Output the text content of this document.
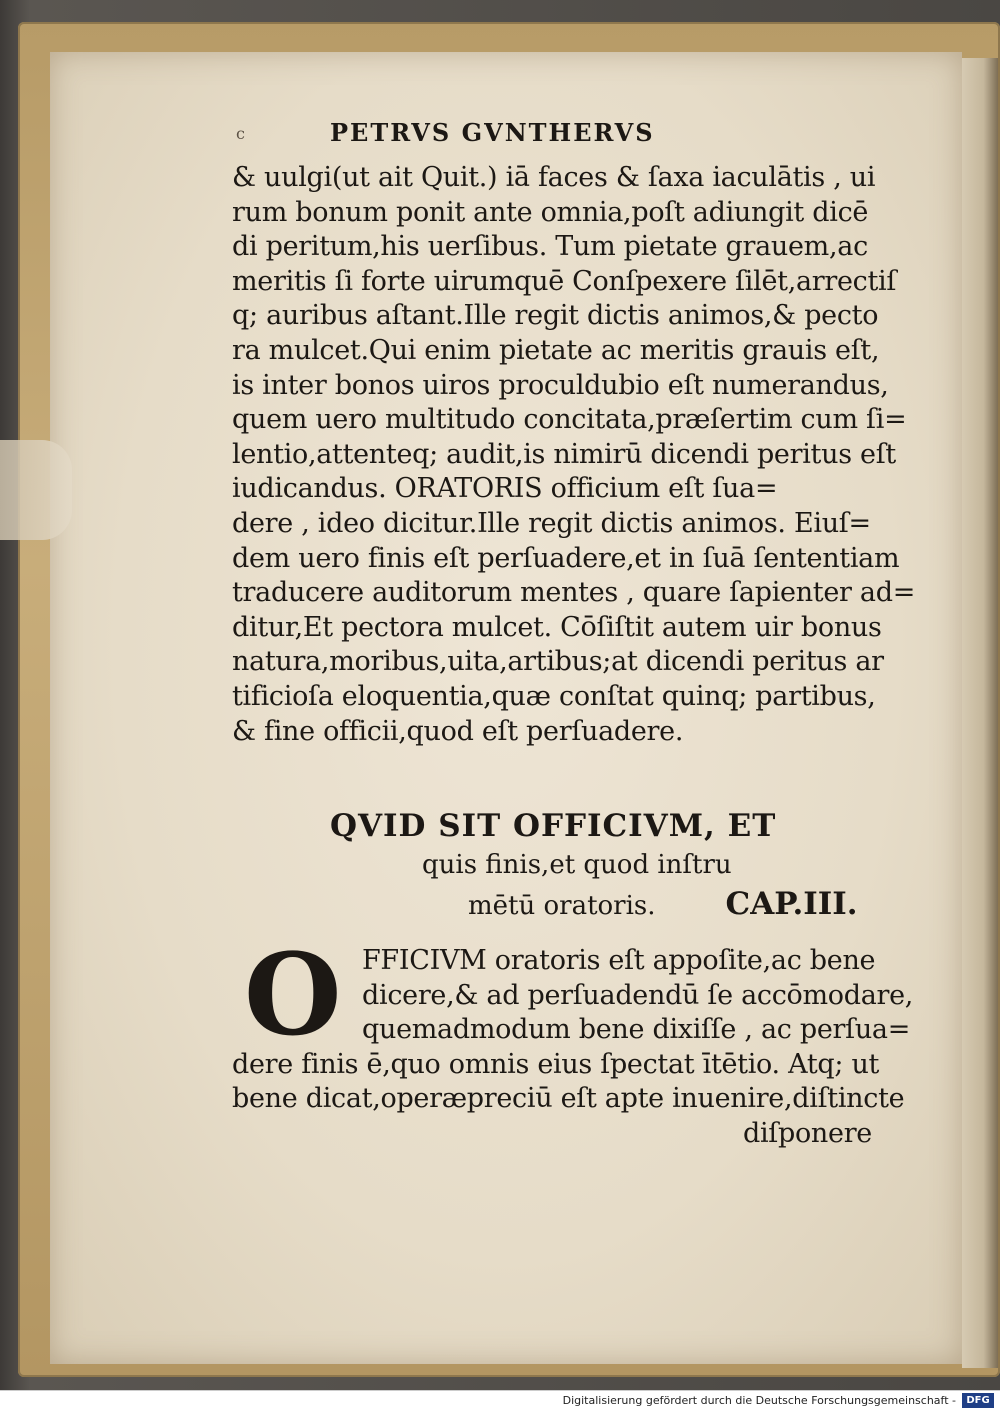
c	PETRVS GVNTHERVS
& uulgi(ut ait Quit.) iā faces & ſaxa iaculātis , ui
rum bonum ponit ante omnia,poſt adiungit dicē
di peritum,his uerſibus. Tum pietate grauem,ac
meritis ſi forte uirumquē Conſpexere ſilēt,arrectiſ
q; auribus aſtant.Ille regit dictis animos,& pecto
ra mulcet.Qui enim pietate ac meritis grauis eſt,
is inter bonos uiros proculdubio eſt numerandus,
quem uero multitudo concitata,præſertim cum ſi=
lentio,attenteq; audit,is nimirū dicendi peritus eſt
iudicandus. ORATORIS officium eſt ſua=
dere , ideo dicitur.Ille regit dictis animos. Eiuſ=
dem uero finis eſt perſuadere,et in ſuā ſententiam
traducere auditorum mentes , quare ſapienter ad=
ditur,Et pectora mulcet. Cōſiſtit autem uir bonus
natura,moribus,uita,artibus;at dicendi peritus ar
tificioſa eloquentia,quæ conſtat quinq; partibus,
& fine officii,quod eſt perſuadere.
QVID SIT OFFICIVM, ET
quis finis,et quod inſtru
mētū oratoris. CAP.III.
O FFICIVM oratoris eſt appoſite,ac bene
dicere,& ad perſuadendū ſe accōmodare,
quemadmodum bene dixiſſe , ac perſua=
dere finis ē,quo omnis eius ſpectat ītētio. Atq; ut
bene dicat,operæpreciū eſt apte inuenire,diſtincte
diſponere
Digitalisierung gefördert durch die Deutsche Forschungsgemeinschaft -	DFG
